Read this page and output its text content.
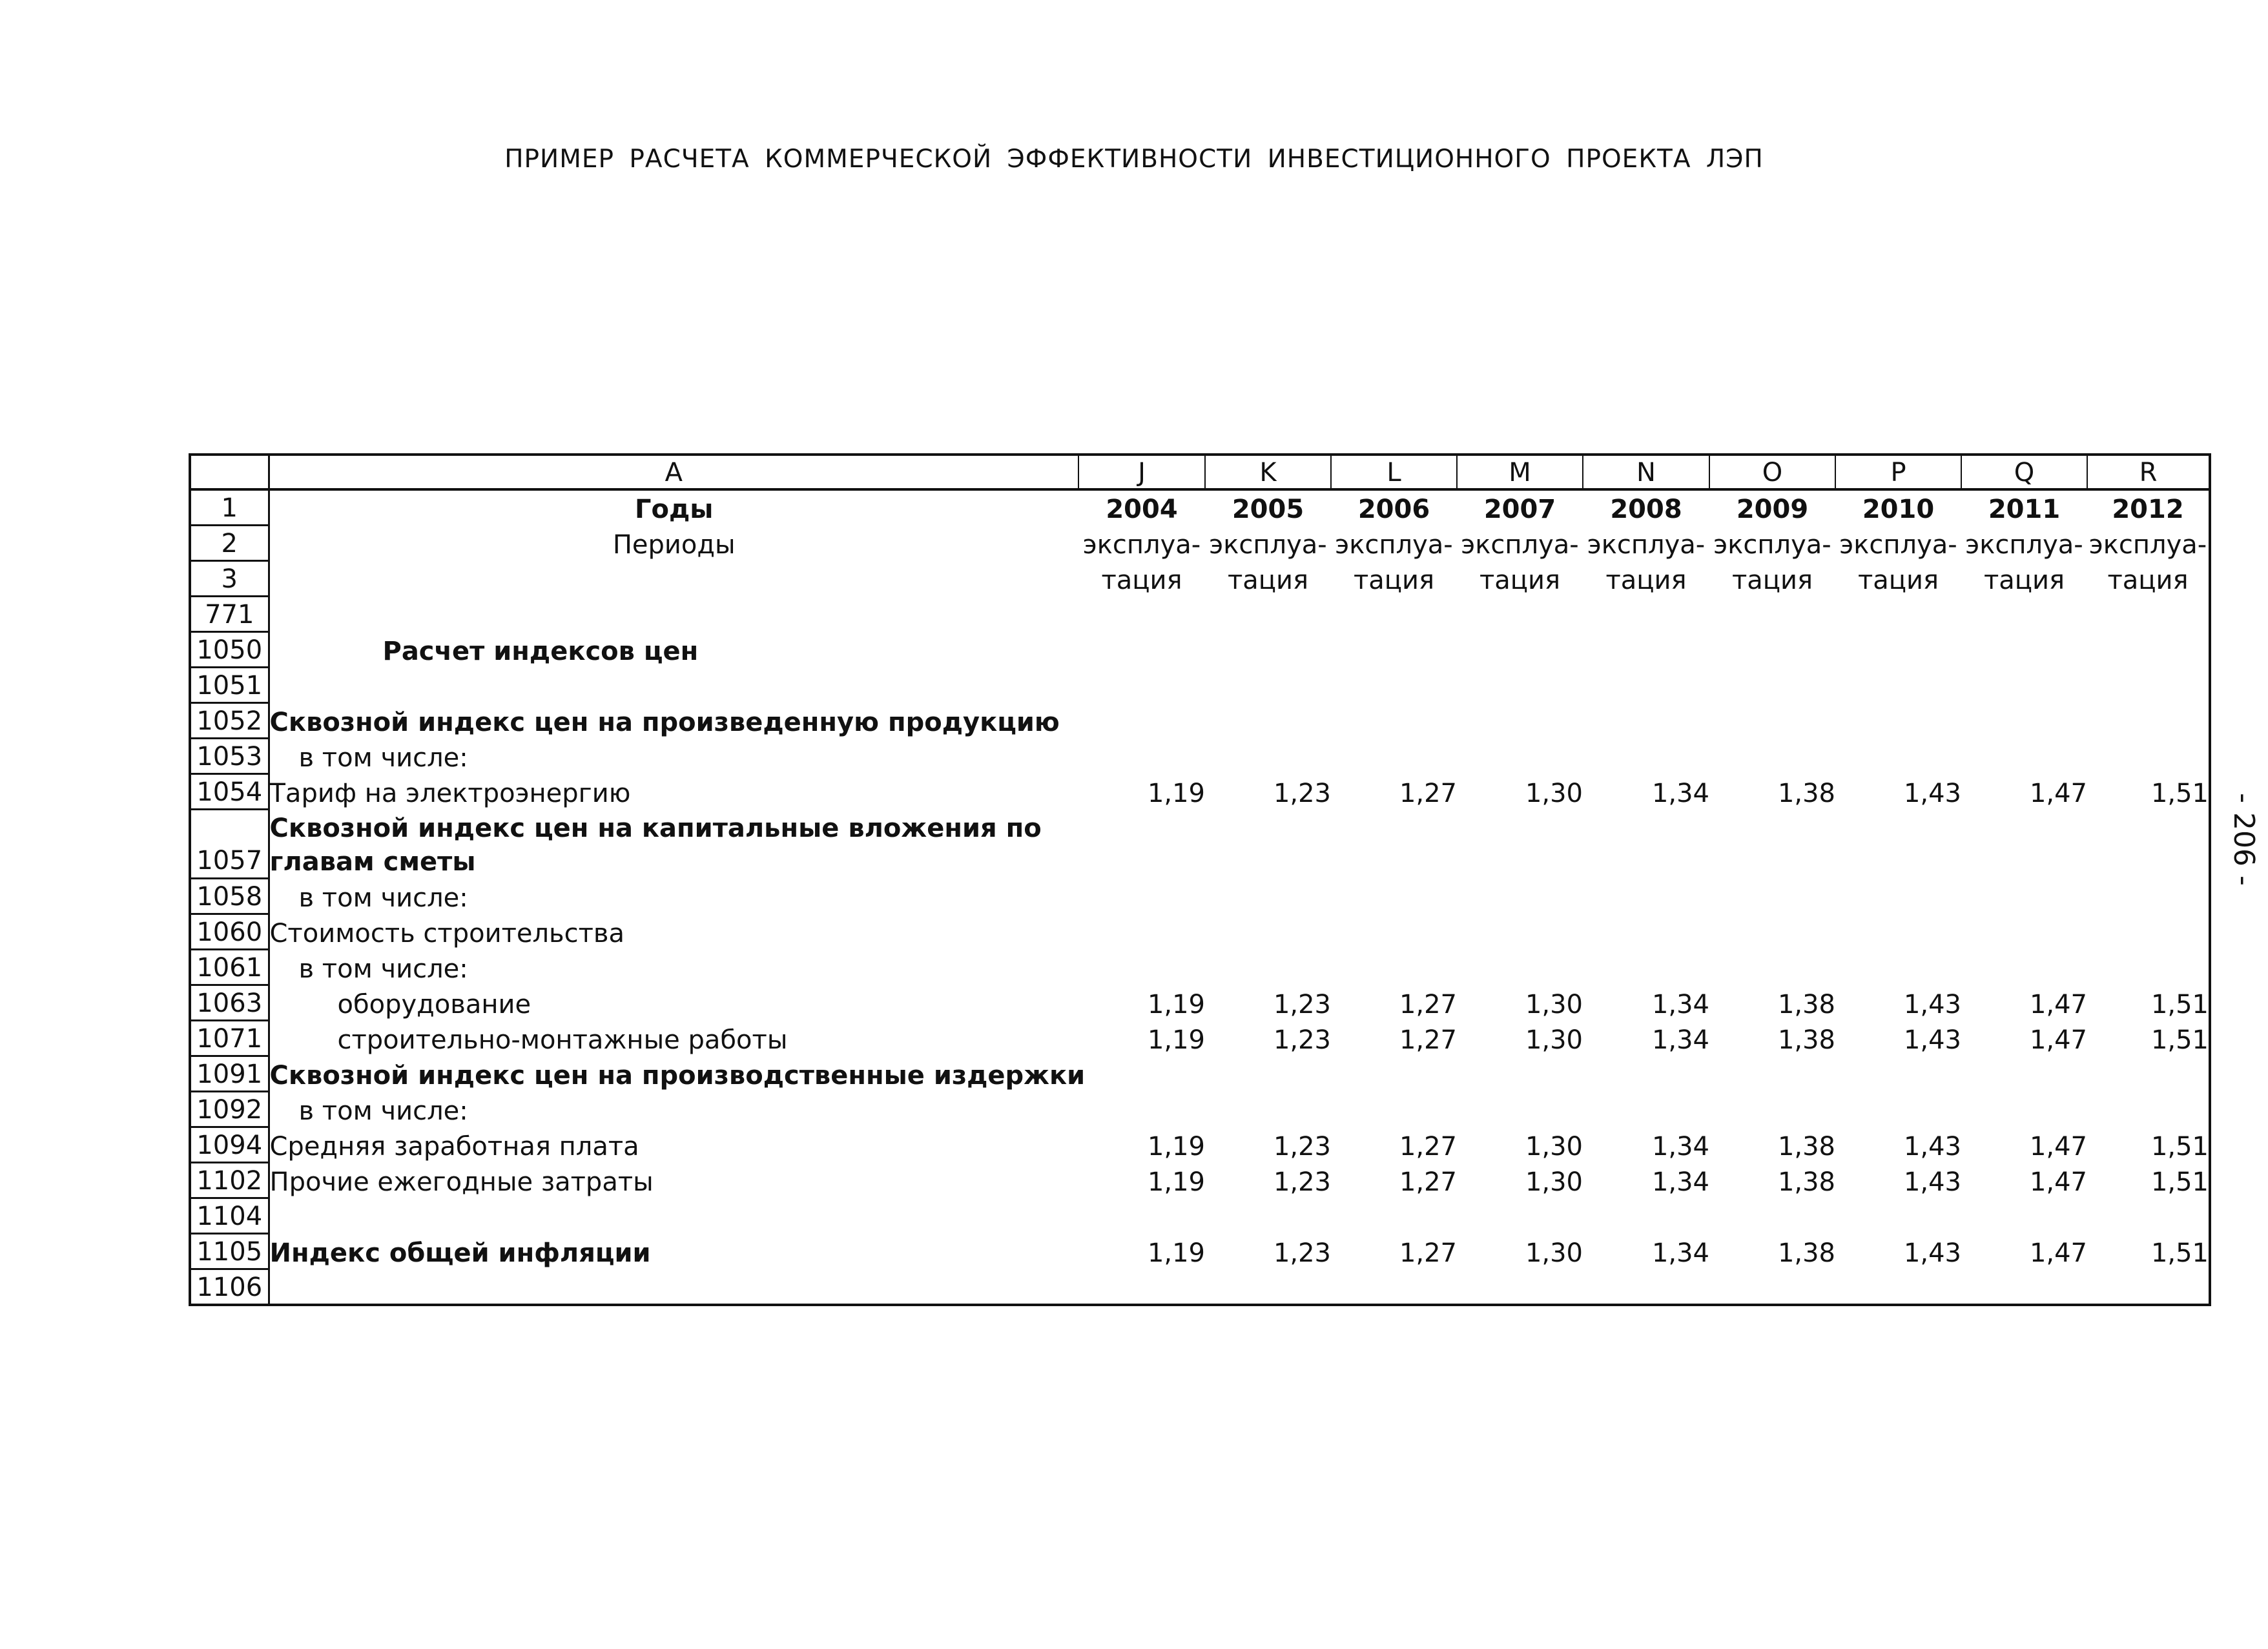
ПРИМЕР РАСЧЕТА КОММЕРЧЕСКОЙ ЭФФЕКТИВНОСТИ ИНВЕСТИЦИОННОГО ПРОЕКТА ЛЭП
- 206 -
	A	J	K	L	M	N	O	P	Q	R
1	Годы	2004	2005	2006	2007	2008	2009	2010	2011	2012
2	Периоды	эксплуа-	эксплуа-	эксплуа-	эксплуа-	эксплуа-	эксплуа-	эксплуа-	эксплуа-	эксплуа-
3		тация	тация	тация	тация	тация	тация	тация	тация	тация
771										
1050	Расчет индексов цен									
1051										
1052	Сквозной индекс цен на произведенную продукцию									
1053	в том числе:									
1054	Тариф на электроэнергию	1,19	1,23	1,27	1,30	1,34	1,38	1,43	1,47	1,51
1057	Сквозной индекс цен на капитальные вложения по главам сметы									
1058	в том числе:									
1060	Стоимость строительства									
1061	в том числе:									
1063	оборудование	1,19	1,23	1,27	1,30	1,34	1,38	1,43	1,47	1,51
1071	строительно-монтажные работы	1,19	1,23	1,27	1,30	1,34	1,38	1,43	1,47	1,51
1091	Сквозной индекс цен на производственные издержки									
1092	в том числе:									
1094	Средняя заработная плата	1,19	1,23	1,27	1,30	1,34	1,38	1,43	1,47	1,51
1102	Прочие ежегодные затраты	1,19	1,23	1,27	1,30	1,34	1,38	1,43	1,47	1,51
1104										
1105	Индекс общей инфляции	1,19	1,23	1,27	1,30	1,34	1,38	1,43	1,47	1,51
1106										
